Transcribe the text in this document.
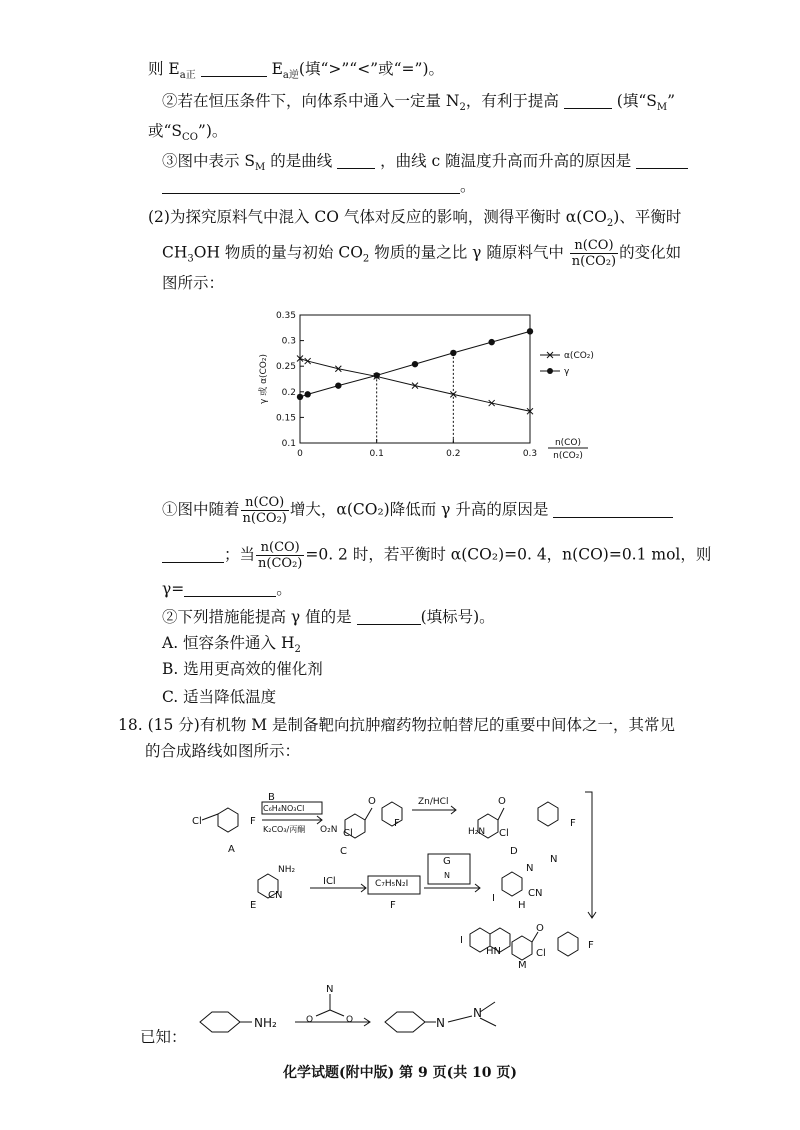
则 $E_{a正}$	$E_{a逆}$(填“>”“<”或“=”)。
②若在恒压条件下，向体系中通入一定量 $N_2$，有利于提高	(填“$S_M$”
或“$S_{CO}$”)。
③图中表示 $S_M$ 的是曲线	，曲线 c 随温度升高而升高的原因是
。
(2)为探究原料气中混入 CO 气体对反应的影响，测得平衡时 $\alpha(CO_2)$、平衡时
$CH_3OH$ 物质的量与初始 $CO_2$ 物质的量之比 γ 随原料气中 $\frac{n(CO)}{\text{n(CO₂)}}$ 的变化如
图所示：
0.1
0.15
0.2
0.25
0.3
0.35
0	0.1	0.2	0.3
γ 或 α(CO₂)
n(CO)
n(CO₂)
α(CO₂)
γ
①图中随着 $\frac{n(CO)}{\text{n(CO₂)}}$ 增大，α(CO₂)降低而 γ 升高的原因是
；当 $\frac{n(CO)}{\text{n(CO₂)}} =0$. 2 时，若平衡时 α(CO₂)=0. 4，n(CO)=0.1 mol，则
γ=	。
②下列措施能提高 γ 值的是	(填标号)。
A. 恒容条件通入 $H_2$
B. 选用更高效的催化剂
C. 适当降低温度
18. (15 分)有机物 M 是制备靶向抗肿瘤药物拉帕替尼的重要中间体之一，其常见
的合成路线如图所示：
Cl	F
A
B
C₆H₄NO₃Cl
K₂CO₃/丙酮
O
F
Cl
O₂N
C
Zn/HCl	O
F
Cl
H₂N
D
NH₂
CN
E
ICl	C₇H₅N₂I
F
G
N
N
N
I	CN
H
I
HN
O
F
Cl
M
已知：
NH₂
N
O	O	N
N
化学试题(附中版) 第 9 页(共 10 页)
